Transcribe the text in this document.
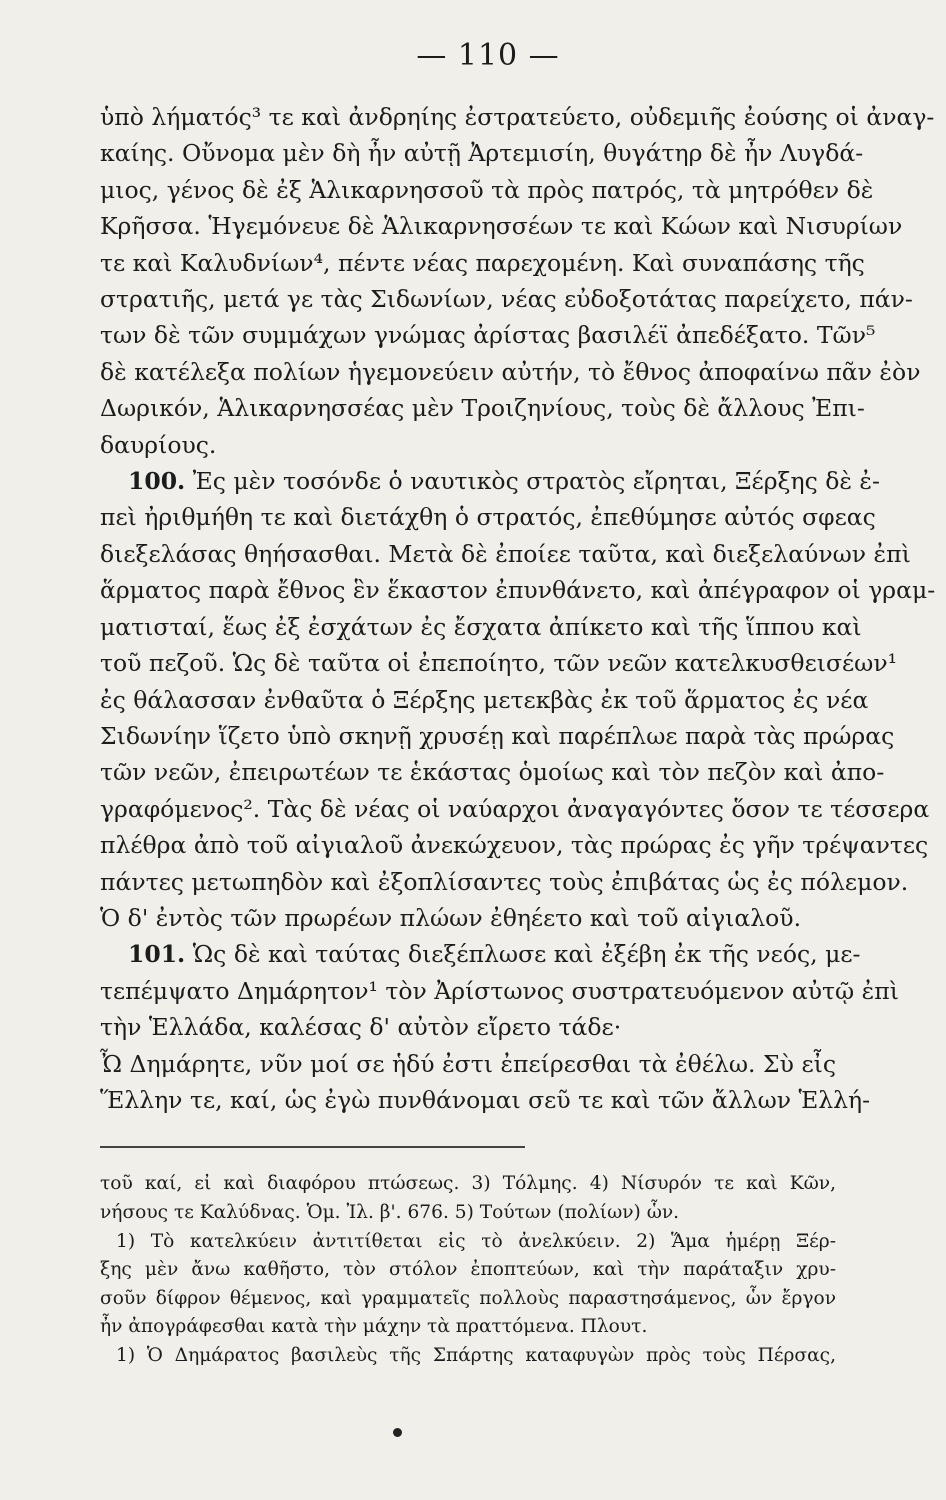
— 110 —
ὑπὸ λήματός³ τε καὶ ἀνδρηίης ἐστρατεύετο, οὐδεμιῆς ἐούσης οἱ ἀναγ-
καίης. Οὔνομα μὲν δὴ ἦν αὐτῇ Ἀρτεμισίη, θυγάτηρ δὲ ἦν Λυγδά-
μιος, γένος δὲ ἐξ Ἁλικαρνησσοῦ τὰ πρὸς πατρός, τὰ μητρόθεν δὲ
Κρῆσσα. Ἡγεμόνευε δὲ Ἁλικαρνησσέων τε καὶ Κώων καὶ Νισυρίων
τε καὶ Καλυδνίων⁴, πέντε νέας παρεχομένη. Καὶ συναπάσης τῆς
στρατιῆς, μετά γε τὰς Σιδωνίων, νέας εὐδοξοτάτας παρείχετο, πάν-
των δὲ τῶν συμμάχων γνώμας ἀρίστας βασιλέϊ ἀπεδέξατο. Τῶν⁵
δὲ κατέλεξα πολίων ἡγεμονεύειν αὐτήν, τὸ ἔθνος ἀποφαίνω πᾶν ἐὸν
Δωρικόν, Ἁλικαρνησσέας μὲν Τροιζηνίους, τοὺς δὲ ἄλλους Ἐπι-
δαυρίους.
100. Ἐς μὲν τοσόνδε ὁ ναυτικὸς στρατὸς εἴρηται, Ξέρξης δὲ ἐ-
πεὶ ἠριθμήθη τε καὶ διετάχθη ὁ στρατός, ἐπεθύμησε αὐτός σφεας
διεξελάσας θηήσασθαι. Μετὰ δὲ ἐποίεε ταῦτα, καὶ διεξελαύνων ἐπὶ
ἅρματος παρὰ ἔθνος ἓν ἕκαστον ἐπυνθάνετο, καὶ ἀπέγραφον οἱ γραμ-
ματισταί, ἕως ἐξ ἐσχάτων ἐς ἔσχατα ἀπίκετο καὶ τῆς ἵππου καὶ
τοῦ πεζοῦ. Ὡς δὲ ταῦτα οἱ ἐπεποίητο, τῶν νεῶν κατελκυσθεισέων¹
ἐς θάλασσαν ἐνθαῦτα ὁ Ξέρξης μετεκβὰς ἐκ τοῦ ἅρματος ἐς νέα
Σιδωνίην ἵζετο ὑπὸ σκηνῇ χρυσέῃ καὶ παρέπλωε παρὰ τὰς πρώρας
τῶν νεῶν, ἐπειρωτέων τε ἑκάστας ὁμοίως καὶ τὸν πεζὸν καὶ ἀπο-
γραφόμενος². Τὰς δὲ νέας οἱ ναύαρχοι ἀναγαγόντες ὅσον τε τέσσερα
πλέθρα ἀπὸ τοῦ αἰγιαλοῦ ἀνεκώχευον, τὰς πρώρας ἐς γῆν τρέψαντες
πάντες μετωπηδὸν καὶ ἐξοπλίσαντες τοὺς ἐπιβάτας ὡς ἐς πόλεμον.
Ὁ δ' ἐντὸς τῶν πρωρέων πλώων ἐθηέετο καὶ τοῦ αἰγιαλοῦ.
101. Ὡς δὲ καὶ ταύτας διεξέπλωσε καὶ ἐξέβη ἐκ τῆς νεός, με-
τεπέμψατο Δημάρητον¹ τὸν Ἀρίστωνος συστρατευόμενον αὐτῷ ἐπὶ
τὴν Ἑλλάδα, καλέσας δ' αὐτὸν εἴρετο τάδε·
Ὦ Δημάρητε, νῦν μοί σε ἡδύ ἐστι ἐπείρεσθαι τὰ ἐθέλω. Σὺ εἶς
Ἕλλην τε, καί, ὡς ἐγὼ πυνθάνομαι σεῦ τε καὶ τῶν ἄλλων Ἑλλή-
τοῦ καί, εἰ καὶ διαφόρου πτώσεως. 3) Τόλμης. 4) Νίσυρόν τε καὶ Κῶν,
νήσους τε Καλύδνας. Ὁμ. Ἰλ. β'. 676. 5) Τούτων (πολίων) ὧν.
1) Τὸ κατελκύειν ἀντιτίθεται εἰς τὸ ἀνελκύειν. 2) Ἅμα ἡμέρῃ Ξέρ-
ξης μὲν ἄνω καθῆστο, τὸν στόλον ἐποπτεύων, καὶ τὴν παράταξιν χρυ-
σοῦν δίφρον θέμενος, καὶ γραμματεῖς πολλοὺς παραστησάμενος, ὧν ἔργον
ἦν ἀπογράφεσθαι κατὰ τὴν μάχην τὰ πραττόμενα. Πλουτ.
1) Ὁ Δημάρατος βασιλεὺς τῆς Σπάρτης καταφυγὼν πρὸς τοὺς Πέρσας,
